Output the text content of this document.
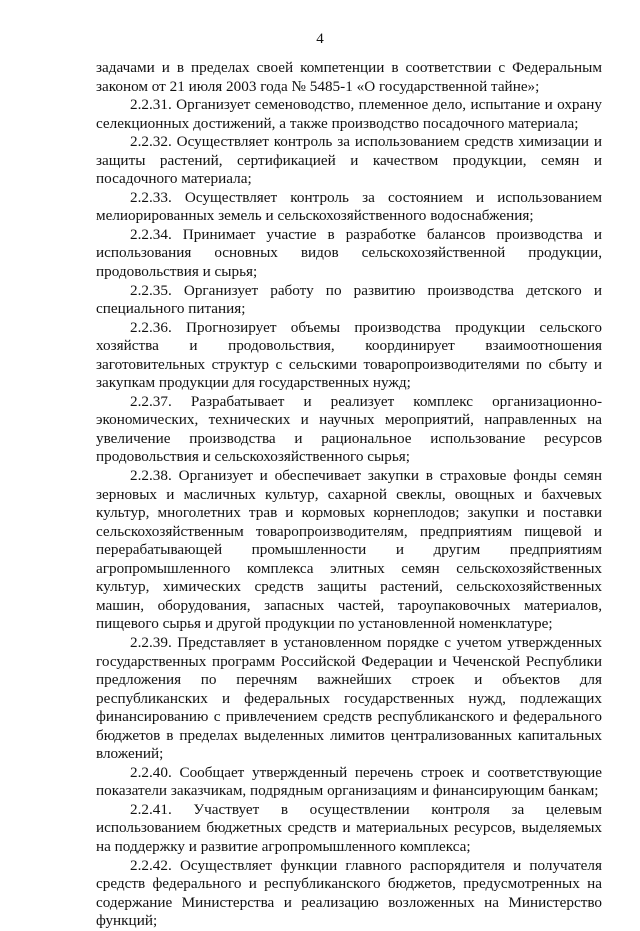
4

задачами и в пределах своей компетенции в соответствии с Федеральным законом от 21 июля 2003 года № 5485-1 «О государственной тайне»;

2.2.31. Организует семеноводство, племенное дело, испытание и охрану селекционных достижений, а также производство посадочного материала;

2.2.32. Осуществляет контроль за использованием средств химизации и защиты растений, сертификацией и качеством продукции, семян и посадочного материала;

2.2.33. Осуществляет контроль за состоянием и использованием мелиорированных земель и сельскохозяйственного водоснабжения;

2.2.34. Принимает участие в разработке балансов производства и использования основных видов сельскохозяйственной продукции, продовольствия и сырья;

2.2.35. Организует работу по развитию производства детского и специального питания;

2.2.36. Прогнозирует объемы производства продукции сельского хозяйства и продовольствия, координирует взаимоотношения заготовительных структур с сельскими товаропроизводителями по сбыту и закупкам продукции для государственных нужд;

2.2.37. Разрабатывает и реализует комплекс организационно- экономических, технических и научных мероприятий, направленных на увеличение производства и рациональное использование ресурсов продовольствия и сельскохозяйственного сырья;

2.2.38. Организует и обеспечивает закупки в страховые фонды семян зерновых и масличных культур, сахарной свеклы, овощных и бахчевых культур, многолетних трав и кормовых корнеплодов; закупки и поставки сельскохозяйственным товаропроизводителям, предприятиям пищевой и перерабатывающей промышленности и другим предприятиям агропромышленного комплекса элитных семян сельскохозяйственных культур, химических средств защиты растений, сельскохозяйственных машин, оборудования, запасных частей, тароупаковочных материалов, пищевого сырья и другой продукции по установленной номенклатуре;

2.2.39. Представляет в установленном порядке с учетом утвержденных государственных программ Российской Федерации и Чеченской Республики предложения по перечням важнейших строек и объектов для республиканских и федеральных государственных нужд, подлежащих финансированию с привлечением средств республиканского и федерального бюджетов в пределах выделенных лимитов централизованных капитальных вложений;

2.2.40. Сообщает утвержденный перечень строек и соответствующие показатели заказчикам, подрядным организациям и финансирующим банкам;

2.2.41. Участвует в осуществлении контроля за целевым использованием бюджетных средств и материальных ресурсов, выделяемых на поддержку и развитие агропромышленного комплекса;

2.2.42. Осуществляет функции главного распорядителя и получателя средств федерального и республиканского бюджетов, предусмотренных на содержание Министерства и реализацию возложенных на Министерство функций;
